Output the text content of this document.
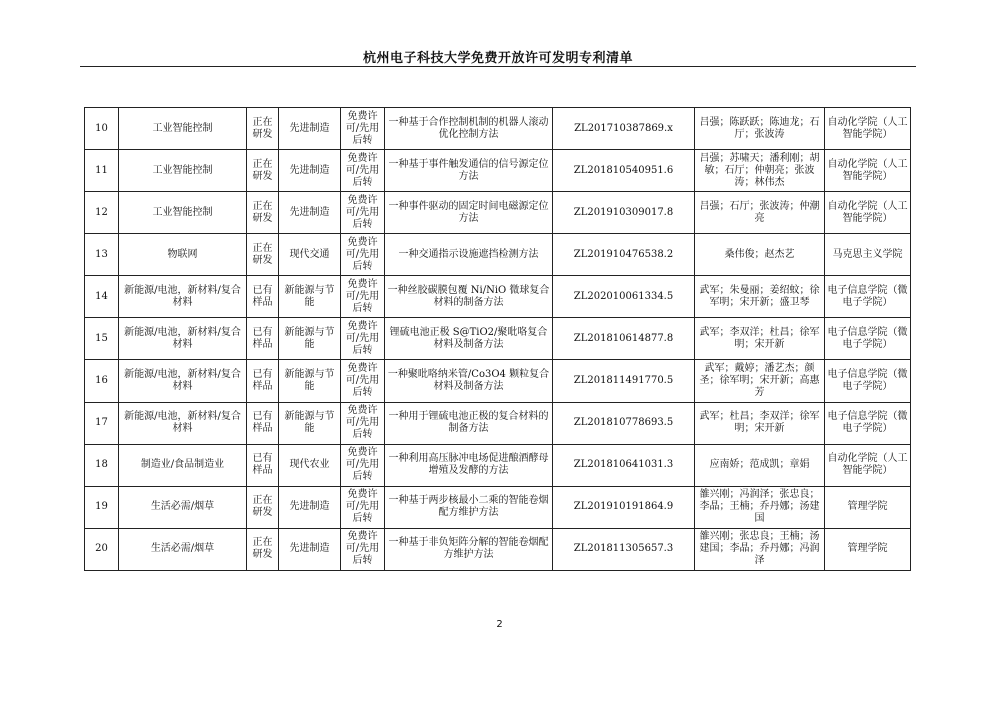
杭州电子科技大学免费开放许可发明专利清单
10	工业智能控制	正在研发	先进制造	免费许可/先用后转	一种基于合作控制机制的机器人滚动优化控制方法	ZL201710387869.x	吕强；陈跃跃；陈迪龙；石厅；张波涛	自动化学院（人工智能学院）
11	工业智能控制	正在研发	先进制造	免费许可/先用后转	一种基于事件触发通信的信号源定位方法	ZL201810540951.6	吕强；苏啸天；潘利刚；胡敏；石厅；仲朝亮；张波涛；林伟杰	自动化学院（人工智能学院）
12	工业智能控制	正在研发	先进制造	免费许可/先用后转	一种事件驱动的固定时间电磁源定位方法	ZL201910309017.8	吕强；石厅；张波涛；仲潮亮	自动化学院（人工智能学院）
13	物联网	正在研发	现代交通	免费许可/先用后转	一种交通指示设施遮挡检测方法	ZL201910476538.2	桑伟俊；赵杰艺	马克思主义学院
14	新能源/电池，新材料/复合材料	已有样品	新能源与节能	免费许可/先用后转	一种丝胶碳膜包覆 Ni/NiO 微球复合材料的制备方法	ZL202010061334.5	武军；朱曼丽；姜绍蚊；徐军明；宋开新；盛卫琴	电子信息学院（微电子学院）
15	新能源/电池，新材料/复合材料	已有样品	新能源与节能	免费许可/先用后转	锂硫电池正极 S@TiO2/聚吡咯复合材料及制备方法	ZL201810614877.8	武军；李双洋；杜昌；徐军明；宋开新	电子信息学院（微电子学院）
16	新能源/电池，新材料/复合材料	已有样品	新能源与节能	免费许可/先用后转	一种聚吡咯纳米管/Co3O4 颗粒复合材料及制备方法	ZL201811491770.5	武军；戴婷；潘艺杰；颜圣；徐军明；宋开新；高惠芳	电子信息学院（微电子学院）
17	新能源/电池，新材料/复合材料	已有样品	新能源与节能	免费许可/先用后转	一种用于锂硫电池正极的复合材料的制备方法	ZL201810778693.5	武军；杜昌；李双洋；徐军明；宋开新	电子信息学院（微电子学院）
18	制造业/食品制造业	已有样品	现代农业	免费许可/先用后转	一种利用高压脉冲电场促进酿酒酵母增殖及发酵的方法	ZL201810641031.3	应南娇；范成凯；章娟	自动化学院（人工智能学院）
19	生活必需/烟草	正在研发	先进制造	免费许可/先用后转	一种基于两步核最小二乘的智能卷烟配方维护方法	ZL201910191864.9	雒兴刚；冯润泽；张忠良；李晶；王楠；乔丹娜；汤建国	管理学院
20	生活必需/烟草	正在研发	先进制造	免费许可/先用后转	一种基于非负矩阵分解的智能卷烟配方维护方法	ZL201811305657.3	雒兴刚；张忠良；王楠；汤建国；李晶；乔丹娜；冯润泽	管理学院
2
